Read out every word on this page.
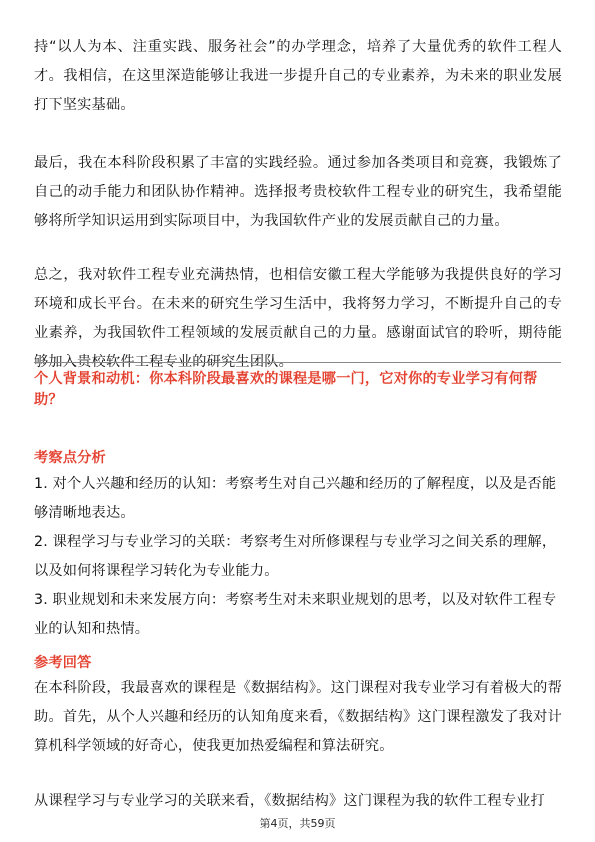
持“以人为本、注重实践、服务社会”的办学理念，培养了大量优秀的软件工程人才。我相信，在这里深造能够让我进一步提升自己的专业素养，为未来的职业发展打下坚实基础。

最后，我在本科阶段积累了丰富的实践经验。通过参加各类项目和竞赛，我锻炼了自己的动手能力和团队协作精神。选择报考贵校软件工程专业的研究生，我希望能够将所学知识运用到实际项目中，为我国软件产业的发展贡献自己的力量。

总之，我对软件工程专业充满热情，也相信安徽工程大学能够为我提供良好的学习环境和成长平台。在未来的研究生学习生活中，我将努力学习，不断提升自己的专业素养，为我国软件工程领域的发展贡献自己的力量。感谢面试官的聆听，期待能够加入贵校软件工程专业的研究生团队。

个人背景和动机：你本科阶段最喜欢的课程是哪一门，它对你的专业学习有何帮助？

考察点分析

1. 对个人兴趣和经历的认知：考察考生对自己兴趣和经历的了解程度，以及是否能够清晰地表达。
2. 课程学习与专业学习的关联：考察考生对所修课程与专业学习之间关系的理解，以及如何将课程学习转化为专业能力。
3. 职业规划和未来发展方向：考察考生对未来职业规划的思考，以及对软件工程专业的认知和热情。

参考回答

在本科阶段，我最喜欢的课程是《数据结构》。这门课程对我专业学习有着极大的帮助。首先，从个人兴趣和经历的认知角度来看，《数据结构》这门课程激发了我对计算机科学领域的好奇心，使我更加热爱编程和算法研究。

从课程学习与专业学习的关联来看，《数据结构》这门课程为我的软件工程专业打

第4页，共59页
